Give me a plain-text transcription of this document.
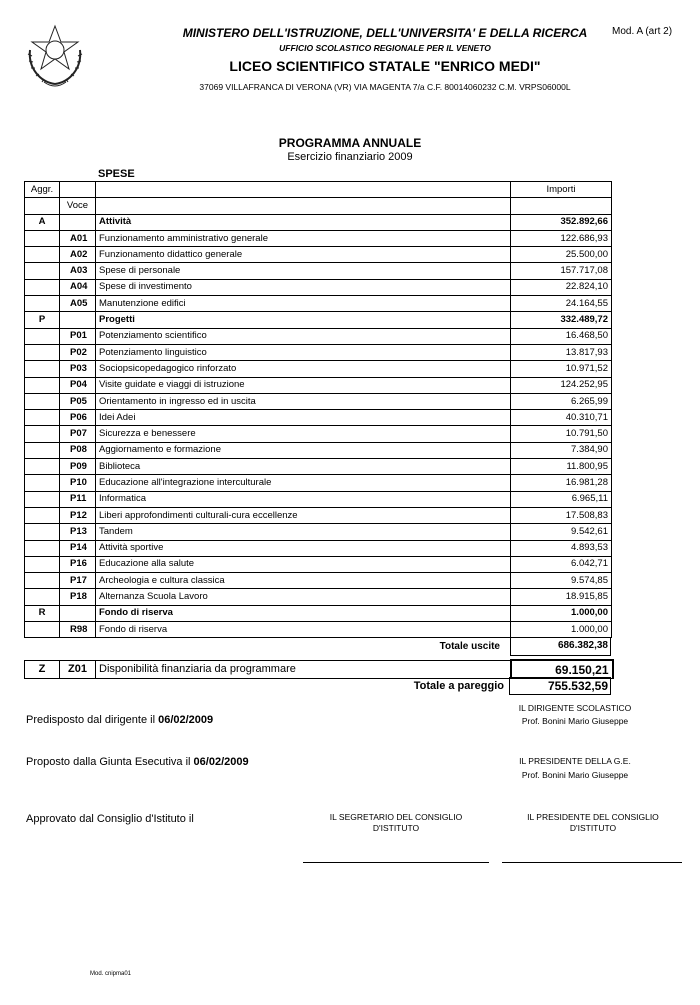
MINISTERO DELL'ISTRUZIONE, DELL'UNIVERSITA' E DELLA RICERCA
UFFICIO SCOLASTICO REGIONALE PER IL VENETO
LICEO SCIENTIFICO STATALE "ENRICO MEDI"
37069 VILLAFRANCA DI VERONA (VR) VIA MAGENTA 7/a C.F. 80014060232 C.M. VRPS06000L
Mod. A (art 2)
PROGRAMMA ANNUALE
Esercizio finanziario 2009
SPESE
Aggr.			Importi
	Voce		
A		Attività	352.892,66
	A01	Funzionamento amministrativo generale	122.686,93
	A02	Funzionamento didattico generale	25.500,00
	A03	Spese di personale	157.717,08
	A04	Spese di investimento	22.824,10
	A05	Manutenzione edifici	24.164,55
P		Progetti	332.489,72
	P01	Potenziamento scientifico	16.468,50
	P02	Potenziamento linguistico	13.817,93
	P03	Sociopsicopedagogico rinforzato	10.971,52
	P04	Visite guidate e viaggi di istruzione	124.252,95
	P05	Orientamento in ingresso ed in uscita	6.265,99
	P06	Idei Adei	40.310,71
	P07	Sicurezza e benessere	10.791,50
	P08	Aggiornamento e formazione	7.384,90
	P09	Biblioteca	11.800,95
	P10	Educazione all'integrazione interculturale	16.981,28
	P11	Informatica	6.965,11
	P12	Liberi approfondimenti culturali-cura eccellenze	17.508,83
	P13	Tandem	9.542,61
	P14	Attività sportive	4.893,53
	P16	Educazione alla salute	6.042,71
	P17	Archeologia e cultura classica	9.574,85
	P18	Alternanza Scuola Lavoro	18.915,85
R		Fondo di riserva	1.000,00
	R98	Fondo di riserva	1.000,00
Totale uscite	686.382,38
Z	Z01	Disponibilità finanziaria da programmare	69.150,21
Totale a pareggio	755.532,59
Predisposto dal dirigente il 06/02/2009
IL DIRIGENTE SCOLASTICO
Prof. Bonini Mario Giuseppe
Proposto dalla Giunta Esecutiva il 06/02/2009	IL PRESIDENTE DELLA G.E.
Prof. Bonini Mario Giuseppe
Approvato dal Consiglio d'Istituto il	IL SEGRETARIO DEL CONSIGLIO
D'ISTITUTO
IL PRESIDENTE DEL CONSIGLIO
D'ISTITUTO
Mod. cnipma01
